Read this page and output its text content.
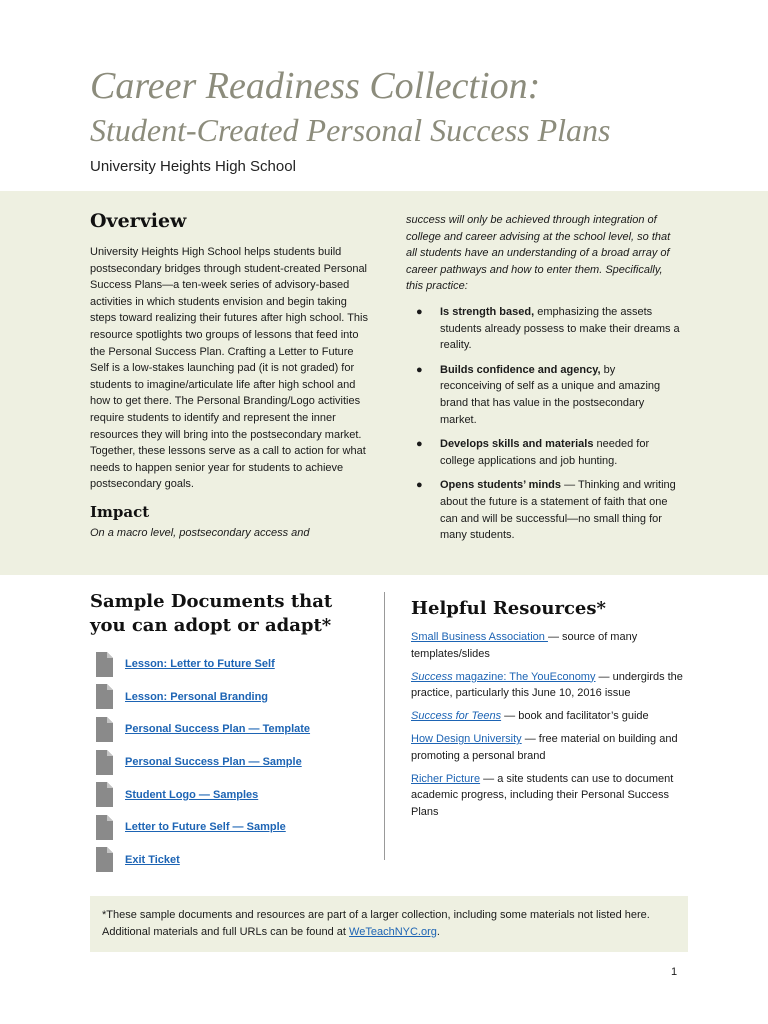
Career Readiness Collection:
Student-Created Personal Success Plans
University Heights High School
Overview

University Heights High School helps students build postsecondary bridges through student-created Personal Success Plans—a ten-week series of advisory-based activities in which students envision and begin taking steps toward realizing their futures after high school. This resource spotlights two groups of lessons that feed into the Personal Success Plan. Crafting a Letter to Future Self is a low-stakes launching pad (it is not graded) for students to imagine/articulate life after high school and how to get there. The Personal Branding/Logo activities require students to identify and represent the inner resources they will bring into the postsecondary market. Together, these lessons serve as a call to action for what needs to happen senior year for students to achieve postsecondary goals.

Impact

On a macro level, postsecondary access and

success will only be achieved through integration of college and career advising at the school level, so that all students have an understanding of a broad array of career pathways and how to enter them. Specifically, this practice:

● Is strength based, emphasizing the assets students already possess to make their dreams a reality.
● Builds confidence and agency, by reconceiving of self as a unique and amazing brand that has value in the postsecondary market.
● Develops skills and materials needed for college applications and job hunting.
● Opens students’ minds — Thinking and writing about the future is a statement of faith that one can and will be successful—no small thing for many students.
Sample Documents that you can adopt or adapt*
Lesson: Letter to Future Self
Lesson: Personal Branding
Personal Success Plan — Template
Personal Success Plan — Sample
Student Logo — Samples
Letter to Future Self — Sample
Exit Ticket
Helpful Resources*

Small Business Association — source of many templates/slides

Success magazine: The YouEconomy — undergirds the practice, particularly this June 10, 2016 issue

Success for Teens — book and facilitator’s guide

How Design University — free material on building and promoting a personal brand

Richer Picture — a site students can use to document academic progress, including their Personal Success Plans

*These sample documents and resources are part of a larger collection, including some materials not listed here. Additional materials and full URLs can be found at WeTeachNYC.org.
1
